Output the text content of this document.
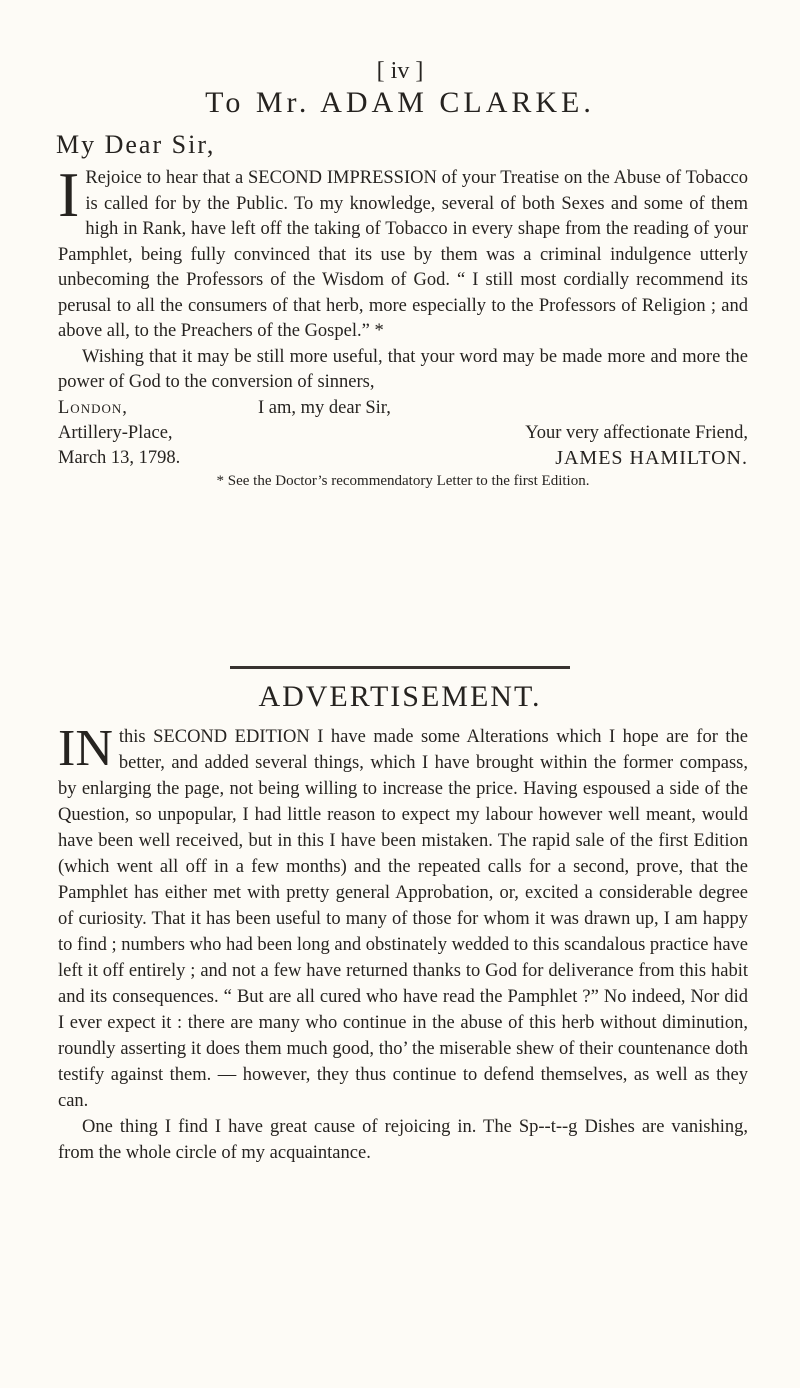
[ iv ]
To Mr. ADAM CLARKE.
My Dear Sir,

I Rejoice to hear that a SECOND IMPRESSION of your Treatise on the Abuse of Tobacco is called for by the Public. To my knowledge, several of both Sexes and some of them high in Rank, have left off the taking of Tobacco in every shape from the reading of your Pamphlet, being fully convinced that its use by them was a criminal indulgence utterly unbecoming the Professors of the Wisdom of God. “ I still most cordially recommend its perusal to all the consumers of that herb, more especially to the Professors of Religion ; and above all, to the Preachers of the Gospel.” *

Wishing that it may be still more useful, that your word may be made more and more the power of God to the conversion of sinners,

London,	I am, my dear Sir,
Artillery-Place,	Your very affectionate Friend,
March 13, 1798.	JAMES HAMILTON.
* See the Doctor’s recommendatory Letter to the first Edition.
ADVERTISEMENT.

IN this SECOND EDITION I have made some Alterations which I hope are for the better, and added several things, which I have brought within the former compass, by enlarging the page, not being willing to increase the price. Having espoused a side of the Question, so unpopular, I had little reason to expect my labour however well meant, would have been well received, but in this I have been mistaken. The rapid sale of the first Edition (which went all off in a few months) and the repeated calls for a second, prove, that the Pamphlet has either met with pretty general Approbation, or, excited a considerable degree of curiosity. That it has been useful to many of those for whom it was drawn up, I am happy to find ; numbers who had been long and obstinately wedded to this scandalous practice have left it off entirely ; and not a few have returned thanks to God for deliverance from this habit and its consequences. “ But are all cured who have read the Pamphlet ?” No indeed, Nor did I ever expect it : there are many who continue in the abuse of this herb without diminution, roundly asserting it does them much good, tho’ the miserable shew of their countenance doth testify against them. — however, they thus continue to defend themselves, as well as they can.

One thing I find I have great cause of rejoicing in. The Sp--t--g Dishes are vanishing, from the whole circle of my acquaintance.
